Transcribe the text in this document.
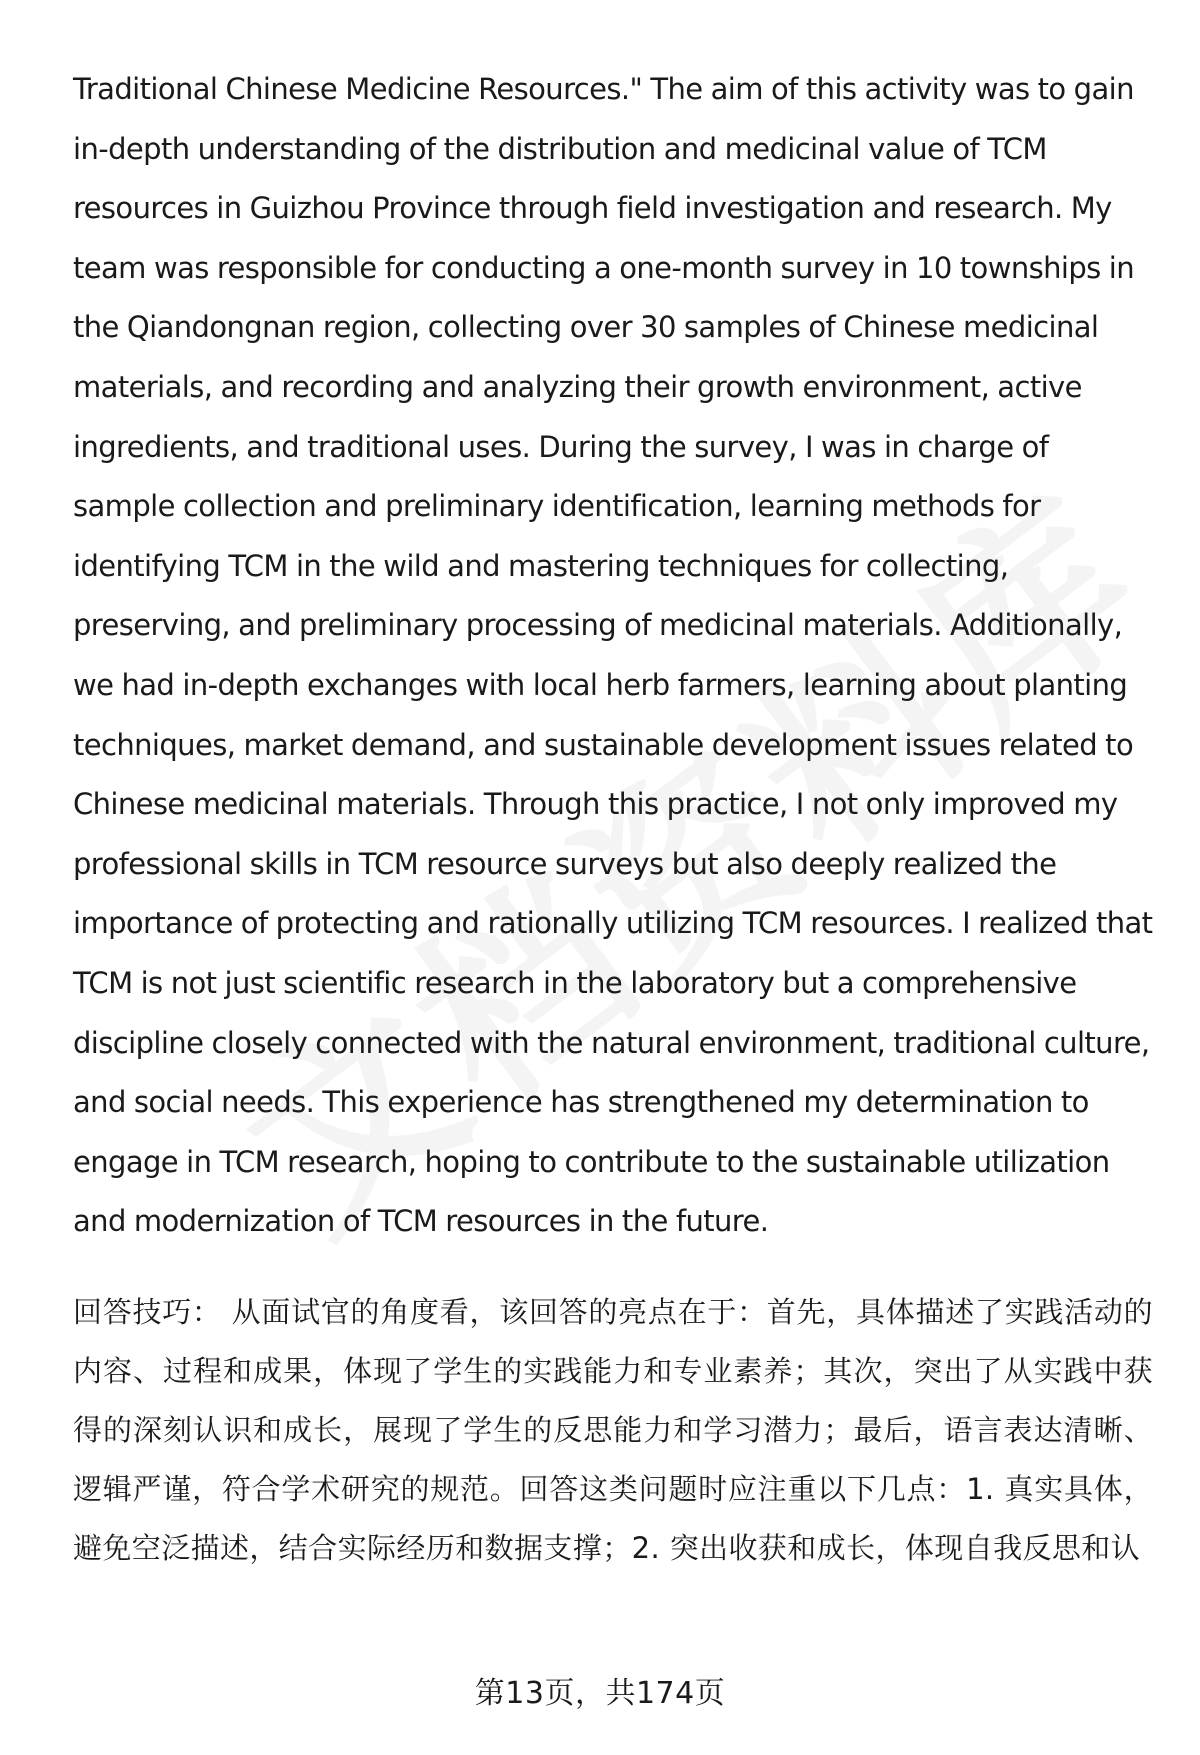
Traditional Chinese Medicine Resources." The aim of this activity was to gain in-depth understanding of the distribution and medicinal value of TCM resources in Guizhou Province through field investigation and research. My team was responsible for conducting a one-month survey in 10 townships in the Qiandongnan region, collecting over 30 samples of Chinese medicinal materials, and recording and analyzing their growth environment, active ingredients, and traditional uses. During the survey, I was in charge of sample collection and preliminary identification, learning methods for identifying TCM in the wild and mastering techniques for collecting, preserving, and preliminary processing of medicinal materials. Additionally, we had in-depth exchanges with local herb farmers, learning about planting techniques, market demand, and sustainable development issues related to Chinese medicinal materials. Through this practice, I not only improved my professional skills in TCM resource surveys but also deeply realized the importance of protecting and rationally utilizing TCM resources. I realized that TCM is not just scientific research in the laboratory but a comprehensive discipline closely connected with the natural environment, traditional culture, and social needs. This experience has strengthened my determination to engage in TCM research, hoping to contribute to the sustainable utilization and modernization of TCM resources in the future.

回答技巧： 从面试官的角度看，该回答的亮点在于：首先，具体描述了实践活动的内容、过程和成果，体现了学生的实践能力和专业素养；其次，突出了从实践中获得的深刻认识和成长，展现了学生的反思能力和学习潜力；最后，语言表达清晰、逻辑严谨，符合学术研究的规范。回答这类问题时应注重以下几点：1. 真实具体，避免空泛描述，结合实际经历和数据支撑；2. 突出收获和成长，体现自我反思和认

第13页，共174页
